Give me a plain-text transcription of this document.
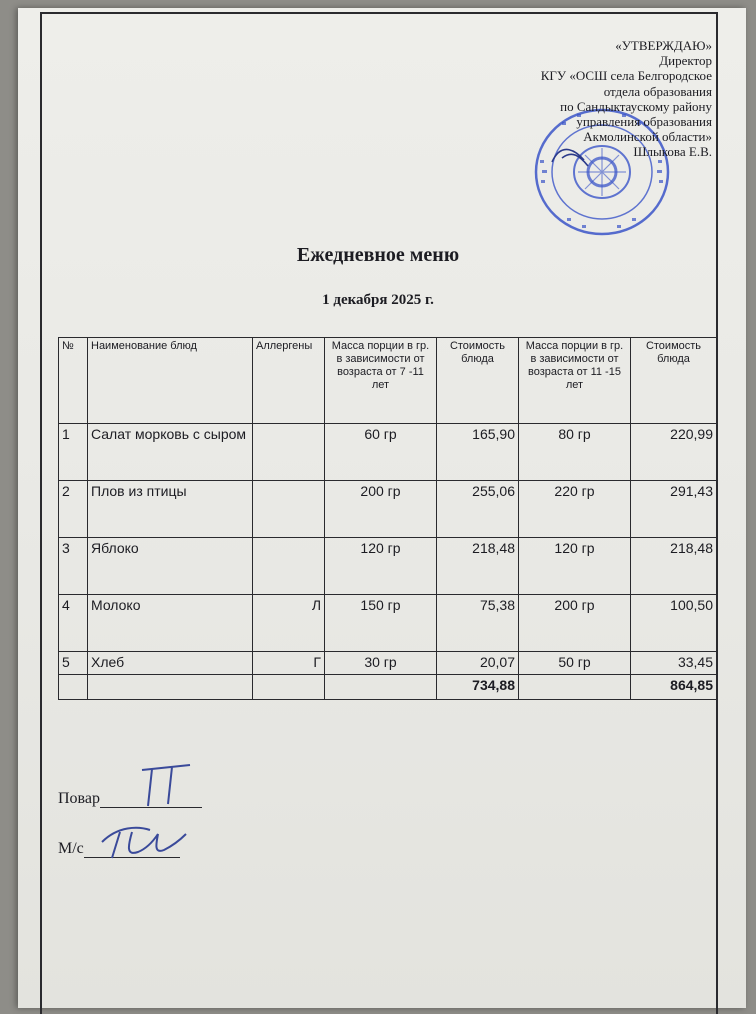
«УТВЕРЖДАЮ»
Директор
КГУ «ОСШ села Белгородское
отдела образования
по Сандыктаускому району
управления образования
Акмолинской области»
Шлыкова Е.В.
Ежедневное меню
1 декабря 2025 г.
№	Наименование блюд	Аллергены	Масса порции в гр. в зависимости от возраста от 7 -11 лет	Стоимость блюда	Масса порции в гр. в зависимости от возраста от 11 -15 лет	Стоимость блюда
1	Салат морковь с сыром		60 гр	165,90	80 гр	220,99
2	Плов из птицы		200 гр	255,06	220 гр	291,43
3	Яблоко		120 гр	218,48	120 гр	218,48
4	Молоко	Л	150 гр	75,38	200 гр	100,50
5	Хлеб	Г	30 гр	20,07	50 гр	33,45
				734,88		864,85
Повар
М/с
